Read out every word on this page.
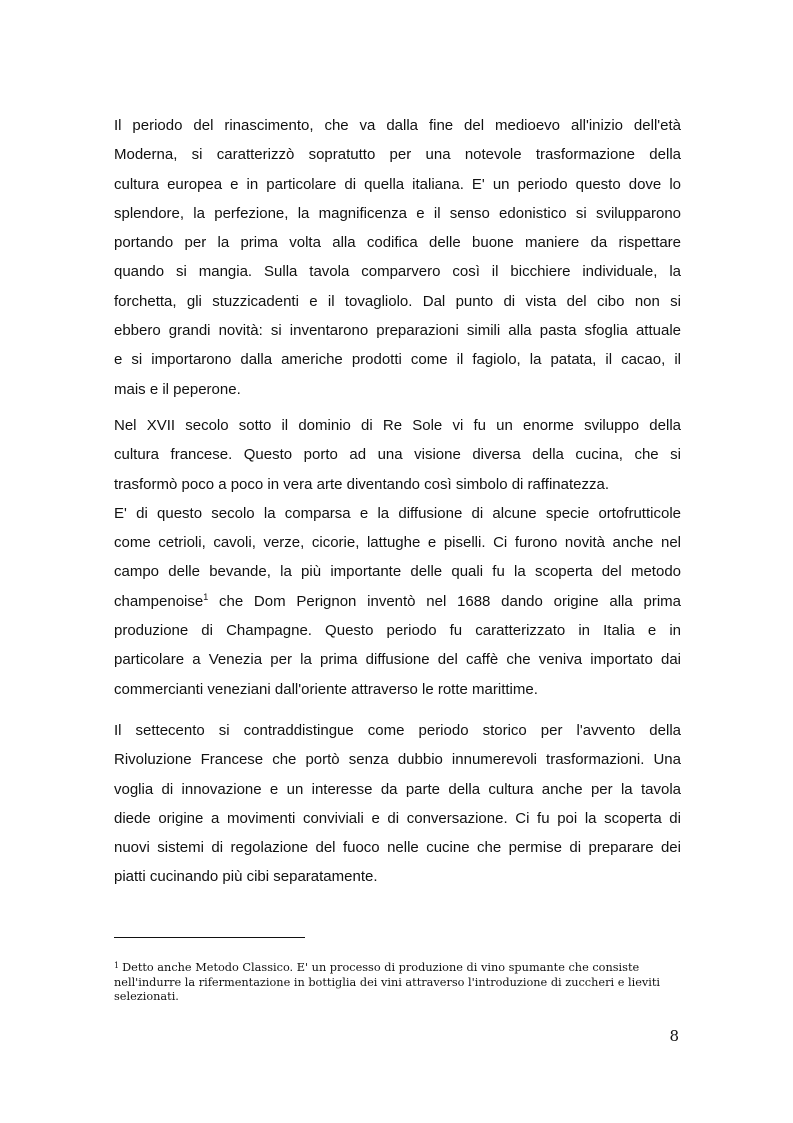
Il periodo del rinascimento, che va dalla fine del medioevo all'inizio dell'età
Moderna, si caratterizzò sopratutto per una notevole trasformazione della
cultura europea e in particolare di quella italiana. E' un periodo questo dove lo
splendore, la perfezione, la magnificenza e il senso edonistico si svilupparono
portando per la prima volta alla codifica delle buone maniere da rispettare
quando si mangia. Sulla tavola comparvero così il bicchiere individuale, la
forchetta, gli stuzzicadenti e il tovagliolo. Dal punto di vista del cibo non si
ebbero grandi novità: si inventarono preparazioni simili alla pasta sfoglia attuale
e si importarono dalla americhe prodotti come il fagiolo, la patata, il cacao, il
mais e il peperone.

Nel XVII secolo sotto il dominio di Re Sole vi fu un enorme sviluppo della
cultura francese. Questo porto ad una visione diversa della cucina, che si
trasformò poco a poco in vera arte diventando così simbolo di raffinatezza.
E' di questo secolo la comparsa e la diffusione di alcune specie ortofrutticole
come cetrioli, cavoli, verze, cicorie, lattughe e piselli. Ci furono novità anche nel
campo delle bevande, la più importante delle quali fu la scoperta del metodo
champenoise$^1$ che Dom Perignon inventò nel 1688 dando origine alla prima
produzione di Champagne. Questo periodo fu caratterizzato in Italia e in
particolare a Venezia per la prima diffusione del caffè che veniva importato dai
commercianti veneziani dall'oriente attraverso le rotte marittime.

Il settecento si contraddistingue come periodo storico per l'avvento della
Rivoluzione Francese che portò senza dubbio innumerevoli trasformazioni. Una
voglia di innovazione e un interesse da parte della cultura anche per la tavola
diede origine a movimenti conviviali e di conversazione. Ci fu poi la scoperta di
nuovi sistemi di regolazione del fuoco nelle cucine che permise di preparare dei
piatti cucinando più cibi separatamente.

$^1$ Detto anche Metodo Classico. E' un processo di produzione di vino spumante che consiste
nell'indurre la rifermentazione in bottiglia dei vini attraverso l'introduzione di zuccheri e lieviti
selezionati.
8
